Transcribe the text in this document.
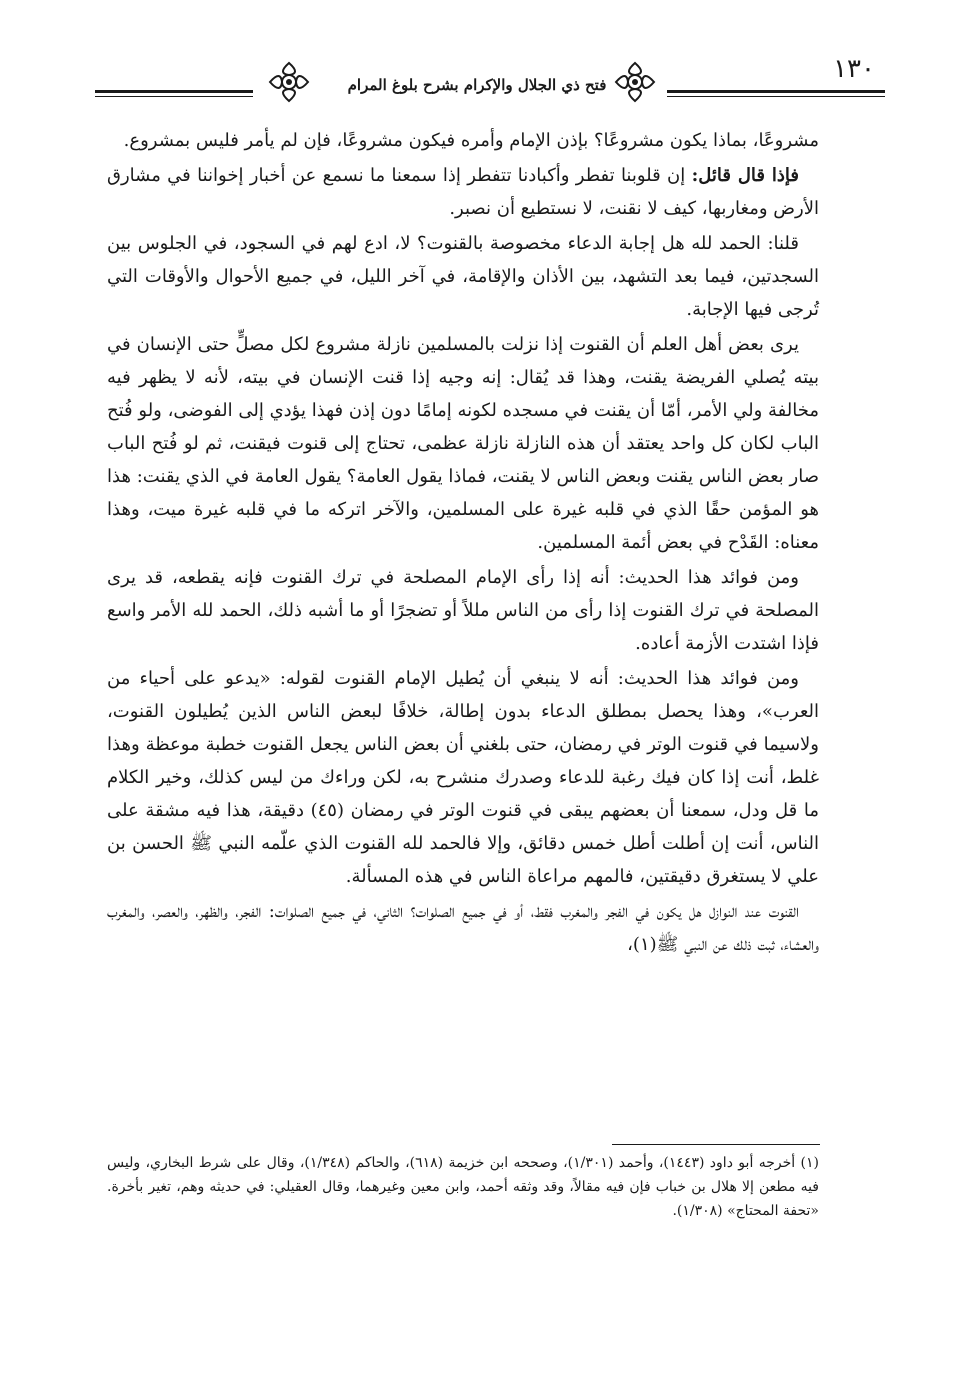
فتح ذي الجلال والإكرام بشرح بلوغ المرام
١٣٠

مشروعًا، بماذا يكون مشروعًا؟ بإذن الإمام وأمره فيكون مشروعًا، فإن لم يأمر فليس بمشروع.

فإذا قال قائل: إن قلوبنا تفطر وأكبادنا تتفطر إذا سمعنا ما نسمع عن أخبار إخواننا في مشارق الأرض ومغاربها، كيف لا نقنت، لا نستطيع أن نصبر.

قلنا: الحمد لله هل إجابة الدعاء مخصوصة بالقنوت؟ لا، ادع لهم في السجود، في الجلوس بين السجدتين، فيما بعد التشهد، بين الأذان والإقامة، في آخر الليل، في جميع الأحوال والأوقات التي تُرجى فيها الإجابة.

يرى بعض أهل العلم أن القنوت إذا نزلت بالمسلمين نازلة مشروع لكل مصلٍّ حتى الإنسان في بيته يُصلي الفريضة يقنت، وهذا قد يُقال: إنه وجيه إذا قنت الإنسان في بيته، لأنه لا يظهر فيه مخالفة ولي الأمر، أمّا أن يقنت في مسجده لكونه إمامًا دون إذن فهذا يؤدي إلى الفوضى، ولو فُتح الباب لكان كل واحد يعتقد أن هذه النازلة نازلة عظمى، تحتاج إلى قنوت فيقنت، ثم لو فُتح الباب صار بعض الناس يقنت وبعض الناس لا يقنت، فماذا يقول العامة؟ يقول العامة في الذي يقنت: هذا هو المؤمن حقًا الذي في قلبه غيرة على المسلمين، والآخر اتركه ما في قلبه غيرة ميت، وهذا معناه: القَدْح في بعض أئمة المسلمين.

ومن فوائد هذا الحديث: أنه إذا رأى الإمام المصلحة في ترك القنوت فإنه يقطعه، قد يرى المصلحة في ترك القنوت إذا رأى من الناس مللاً أو تضجرًا أو ما أشبه ذلك، الحمد لله الأمر واسع فإذا اشتدت الأزمة أعاده.

ومن فوائد هذا الحديث: أنه لا ينبغي أن يُطيل الإمام القنوت لقوله: «يدعو على أحياء من العرب»، وهذا يحصل بمطلق الدعاء بدون إطالة، خلافًا لبعض الناس الذين يُطيلون القنوت، ولاسيما في قنوت الوتر في رمضان، حتى بلغني أن بعض الناس يجعل القنوت خطبة موعظة وهذا غلط، أنت إذا كان فيك رغبة للدعاء وصدرك منشرح به، لكن وراءك من ليس كذلك، وخير الكلام ما قل ودل، سمعنا أن بعضهم يبقى في قنوت الوتر في رمضان (٤٥) دقيقة، هذا فيه مشقة على الناس، أنت إن أطلت أطل خمس دقائق، وإلا فالحمد لله القنوت الذي علّمه النبي ﷺ الحسن بن علي لا يستغرق دقيقتين، فالمهم مراعاة الناس في هذه المسألة.

القنوت عند النوازل هل يكون في الفجر والمغرب فقط، أو في جميع الصلوات؟ الثاني، في جميع الصلوات: الفجر، والظهر، والعصر، والمغرب والعشاء، ثبت ذلك عن النبي ﷺ(١)،

(١) أخرجه أبو داود (١٤٤٣)، وأحمد (١/٣٠١)، وصححه ابن خزيمة (٦١٨)، والحاكم (١/٣٤٨)، وقال على شرط البخاري، وليس فيه مطعن إلا هلال بن خباب فإن فيه مقالاً، وقد وثقه أحمد، وابن معين وغيرهما، وقال العقيلي: في حديثه وهم، تغير بأخرة. «تحفة المحتاج» (١/٣٠٨).
